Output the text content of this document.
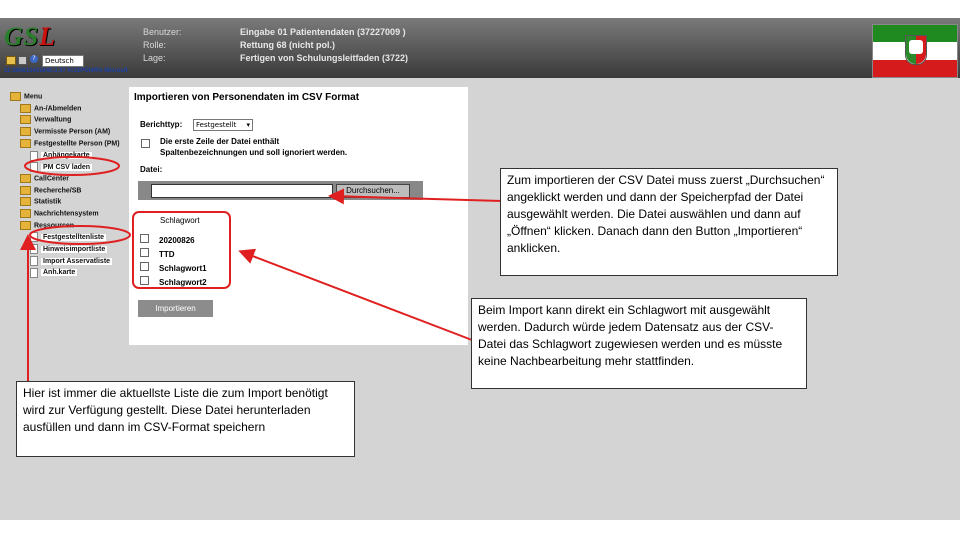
GSL
?	Deutsch
11:365613431845.3.37 IC12PONR% Microsft
Benutzer:	Eingabe 01 Patientendaten (37227009 )
Rolle:	Rettung 68 (nicht pol.)
Lage:	Fertigen von Schulungsleitfaden (3722)
Menu
An-/Abmelden
Verwaltung
Vermisste Person (AM)
Festgestellte Person (PM)
Anhängekarte
PM CSV laden
CallCenter
Recherche/SB
Statistik
Nachrichtensystem
Ressourcen
Festgestelltenliste
Hinweisimportliste
Import Asservatliste
Anh.karte
Importieren von Personendaten im CSV Format
Berichttyp:	Festgestellt ▾
Die erste Zeile der Datei enthält
Spaltenbezeichnungen und soll ignoriert werden.
Datei:
Durchsuchen...
Schlagwort
20200826
TTD
Schlagwort1
Schlagwort2
Importieren
Zum importieren der CSV Datei muss zuerst „Durchsuchen“ angeklickt werden und dann der Speicherpfad der Datei ausgewählt werden. Die Datei auswählen und dann auf „Öffnen“ klicken. Danach dann den Button „Importieren“ anklicken.
Beim Import kann direkt ein Schlagwort mit ausgewählt werden. Dadurch würde jedem Datensatz aus der CSV-Datei das Schlagwort zugewiesen werden und es müsste keine Nachbearbeitung mehr stattfinden.
Hier ist immer die aktuellste Liste die zum Import benötigt wird zur Verfügung gestellt. Diese Datei herunterladen ausfüllen und dann im CSV-Format speichern
